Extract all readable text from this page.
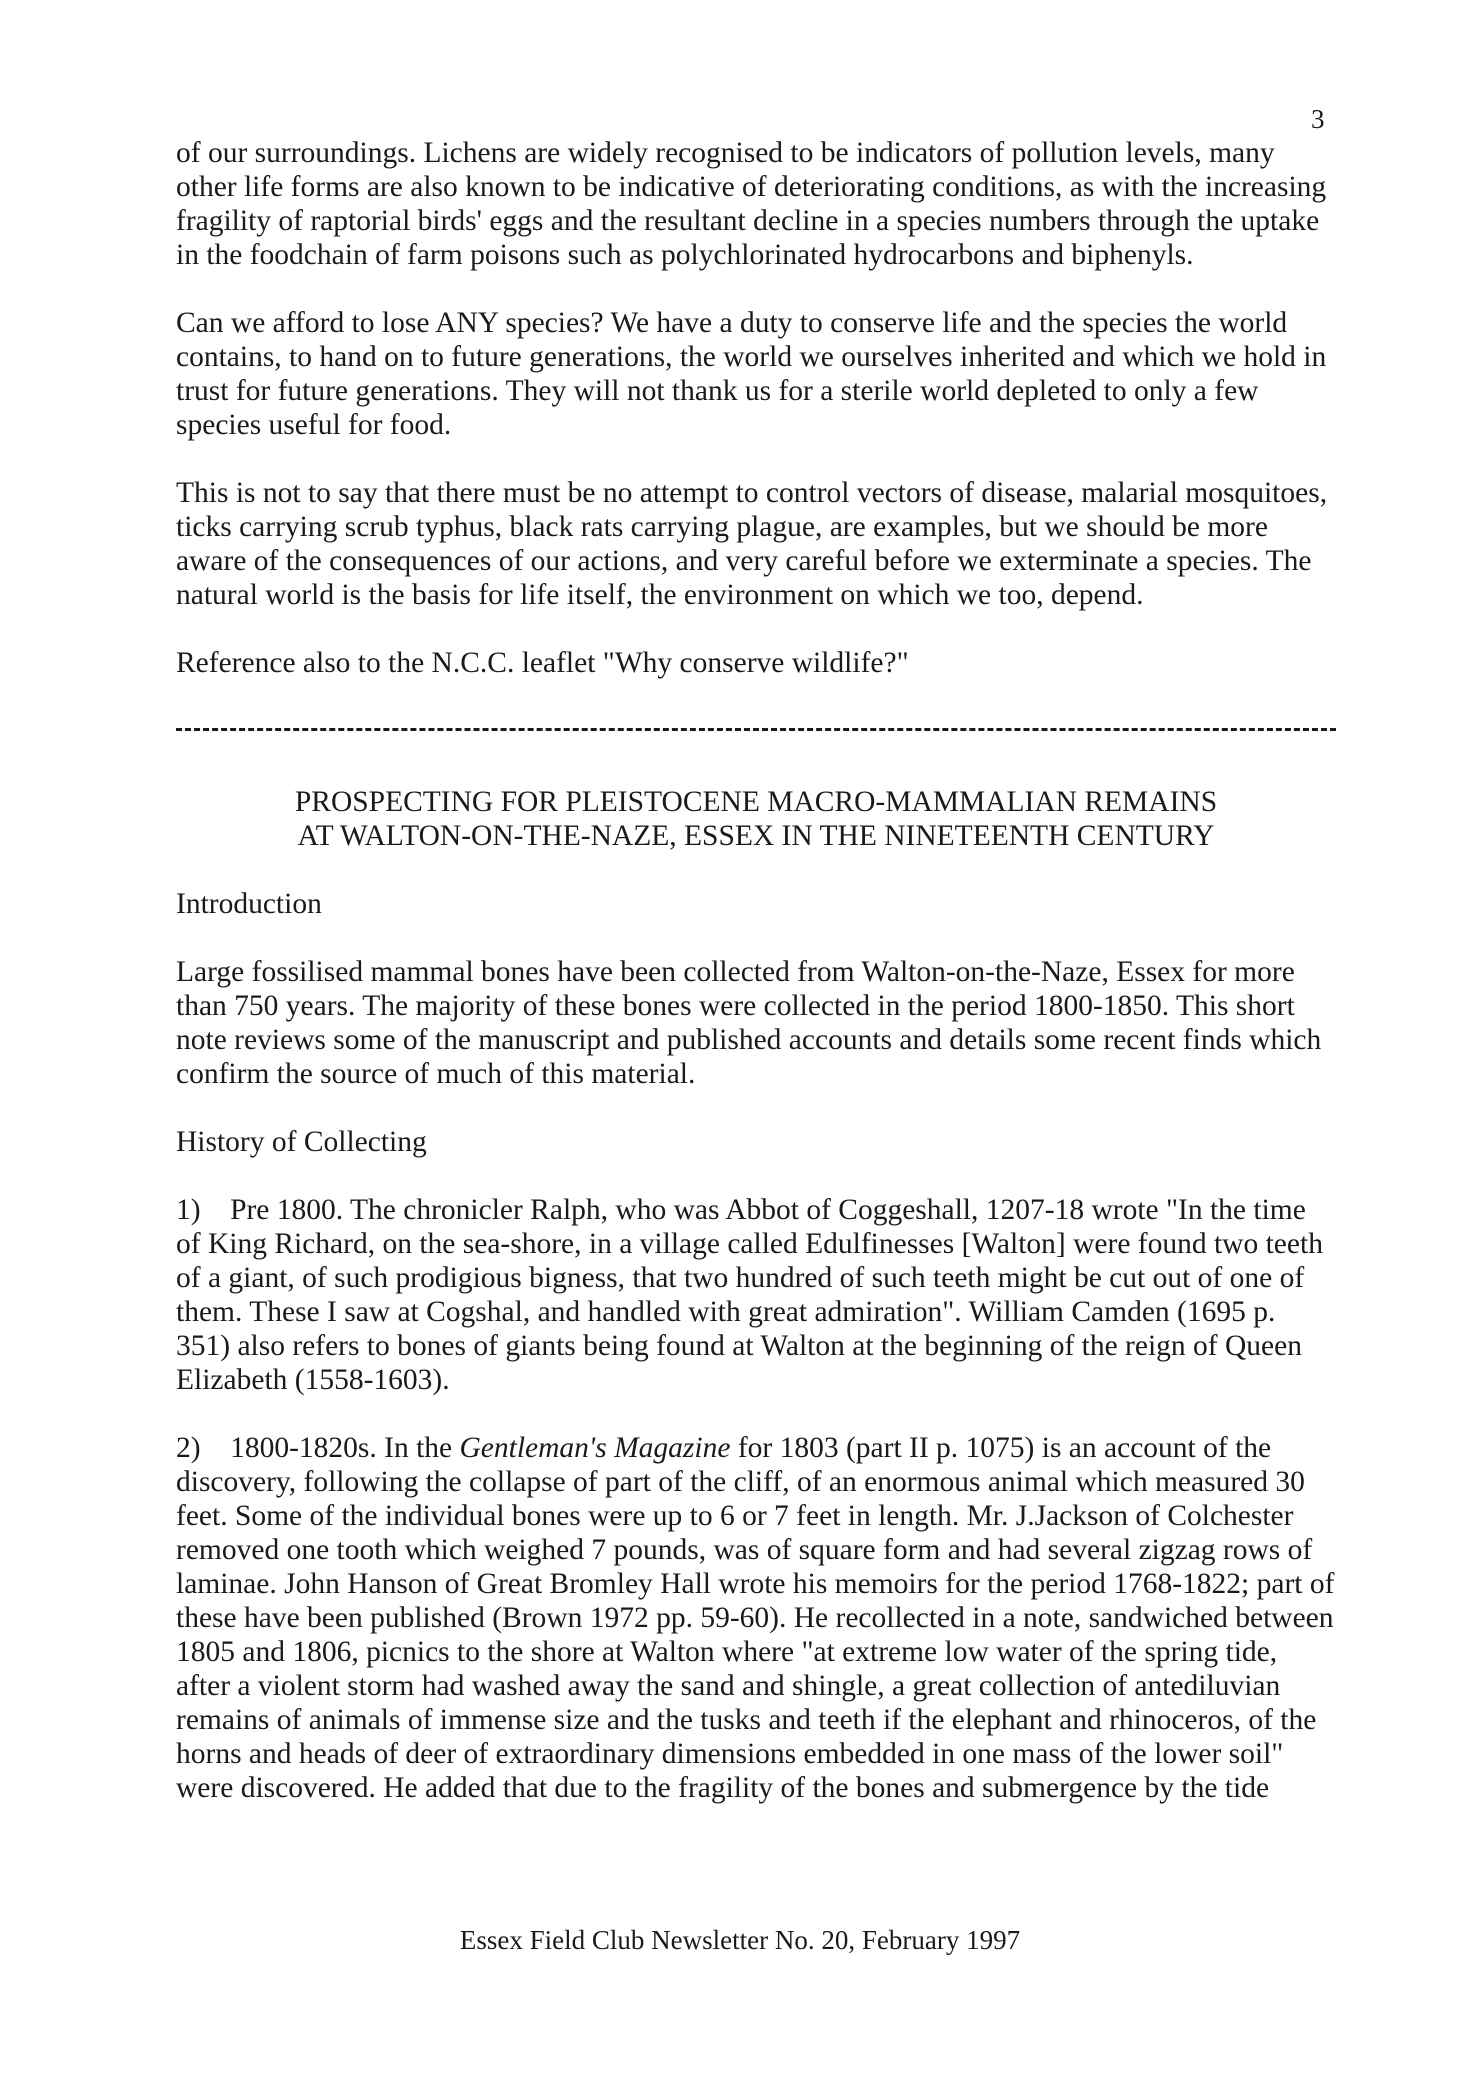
3

of our surroundings. Lichens are widely recognised to be indicators of pollution levels, many other life forms are also known to be indicative of deteriorating conditions, as with the increasing fragility of raptorial birds' eggs and the resultant decline in a species numbers through the uptake in the foodchain of farm poisons such as polychlorinated hydrocarbons and biphenyls.

Can we afford to lose ANY species? We have a duty to conserve life and the species the world contains, to hand on to future generations, the world we ourselves inherited and which we hold in trust for future generations. They will not thank us for a sterile world depleted to only a few species useful for food.

This is not to say that there must be no attempt to control vectors of disease, malarial mosquitoes, ticks carrying scrub typhus, black rats carrying plague, are examples, but we should be more aware of the consequences of our actions, and very careful before we exterminate a species. The natural world is the basis for life itself, the environment on which we too, depend.

Reference also to the N.C.C. leaflet "Why conserve wildlife?"

PROSPECTING FOR PLEISTOCENE MACRO-MAMMALIAN REMAINS
AT WALTON-ON-THE-NAZE, ESSEX IN THE NINETEENTH CENTURY

Introduction

Large fossilised mammal bones have been collected from Walton-on-the-Naze, Essex for more than 750 years. The majority of these bones were collected in the period 1800-1850. This short note reviews some of the manuscript and published accounts and details some recent finds which confirm the source of much of this material.

History of Collecting

1) Pre 1800. The chronicler Ralph, who was Abbot of Coggeshall, 1207-18 wrote "In the time of King Richard, on the sea-shore, in a village called Edulfinesses [Walton] were found two teeth of a giant, of such prodigious bigness, that two hundred of such teeth might be cut out of one of them. These I saw at Cogshal, and handled with great admiration". William Camden (1695 p. 351) also refers to bones of giants being found at Walton at the beginning of the reign of Queen Elizabeth (1558-1603).

2) 1800-1820s. In the Gentleman's Magazine for 1803 (part II p. 1075) is an account of the discovery, following the collapse of part of the cliff, of an enormous animal which measured 30 feet. Some of the individual bones were up to 6 or 7 feet in length. Mr. J.Jackson of Colchester removed one tooth which weighed 7 pounds, was of square form and had several zigzag rows of laminae. John Hanson of Great Bromley Hall wrote his memoirs for the period 1768-1822; part of these have been published (Brown 1972 pp. 59-60). He recollected in a note, sandwiched between 1805 and 1806, picnics to the shore at Walton where "at extreme low water of the spring tide, after a violent storm had washed away the sand and shingle, a great collection of antediluvian remains of animals of immense size and the tusks and teeth if the elephant and rhinoceros, of the horns and heads of deer of extraordinary dimensions embedded in one mass of the lower soil" were discovered. He added that due to the fragility of the bones and submergence by the tide

Essex Field Club Newsletter No. 20, February 1997
